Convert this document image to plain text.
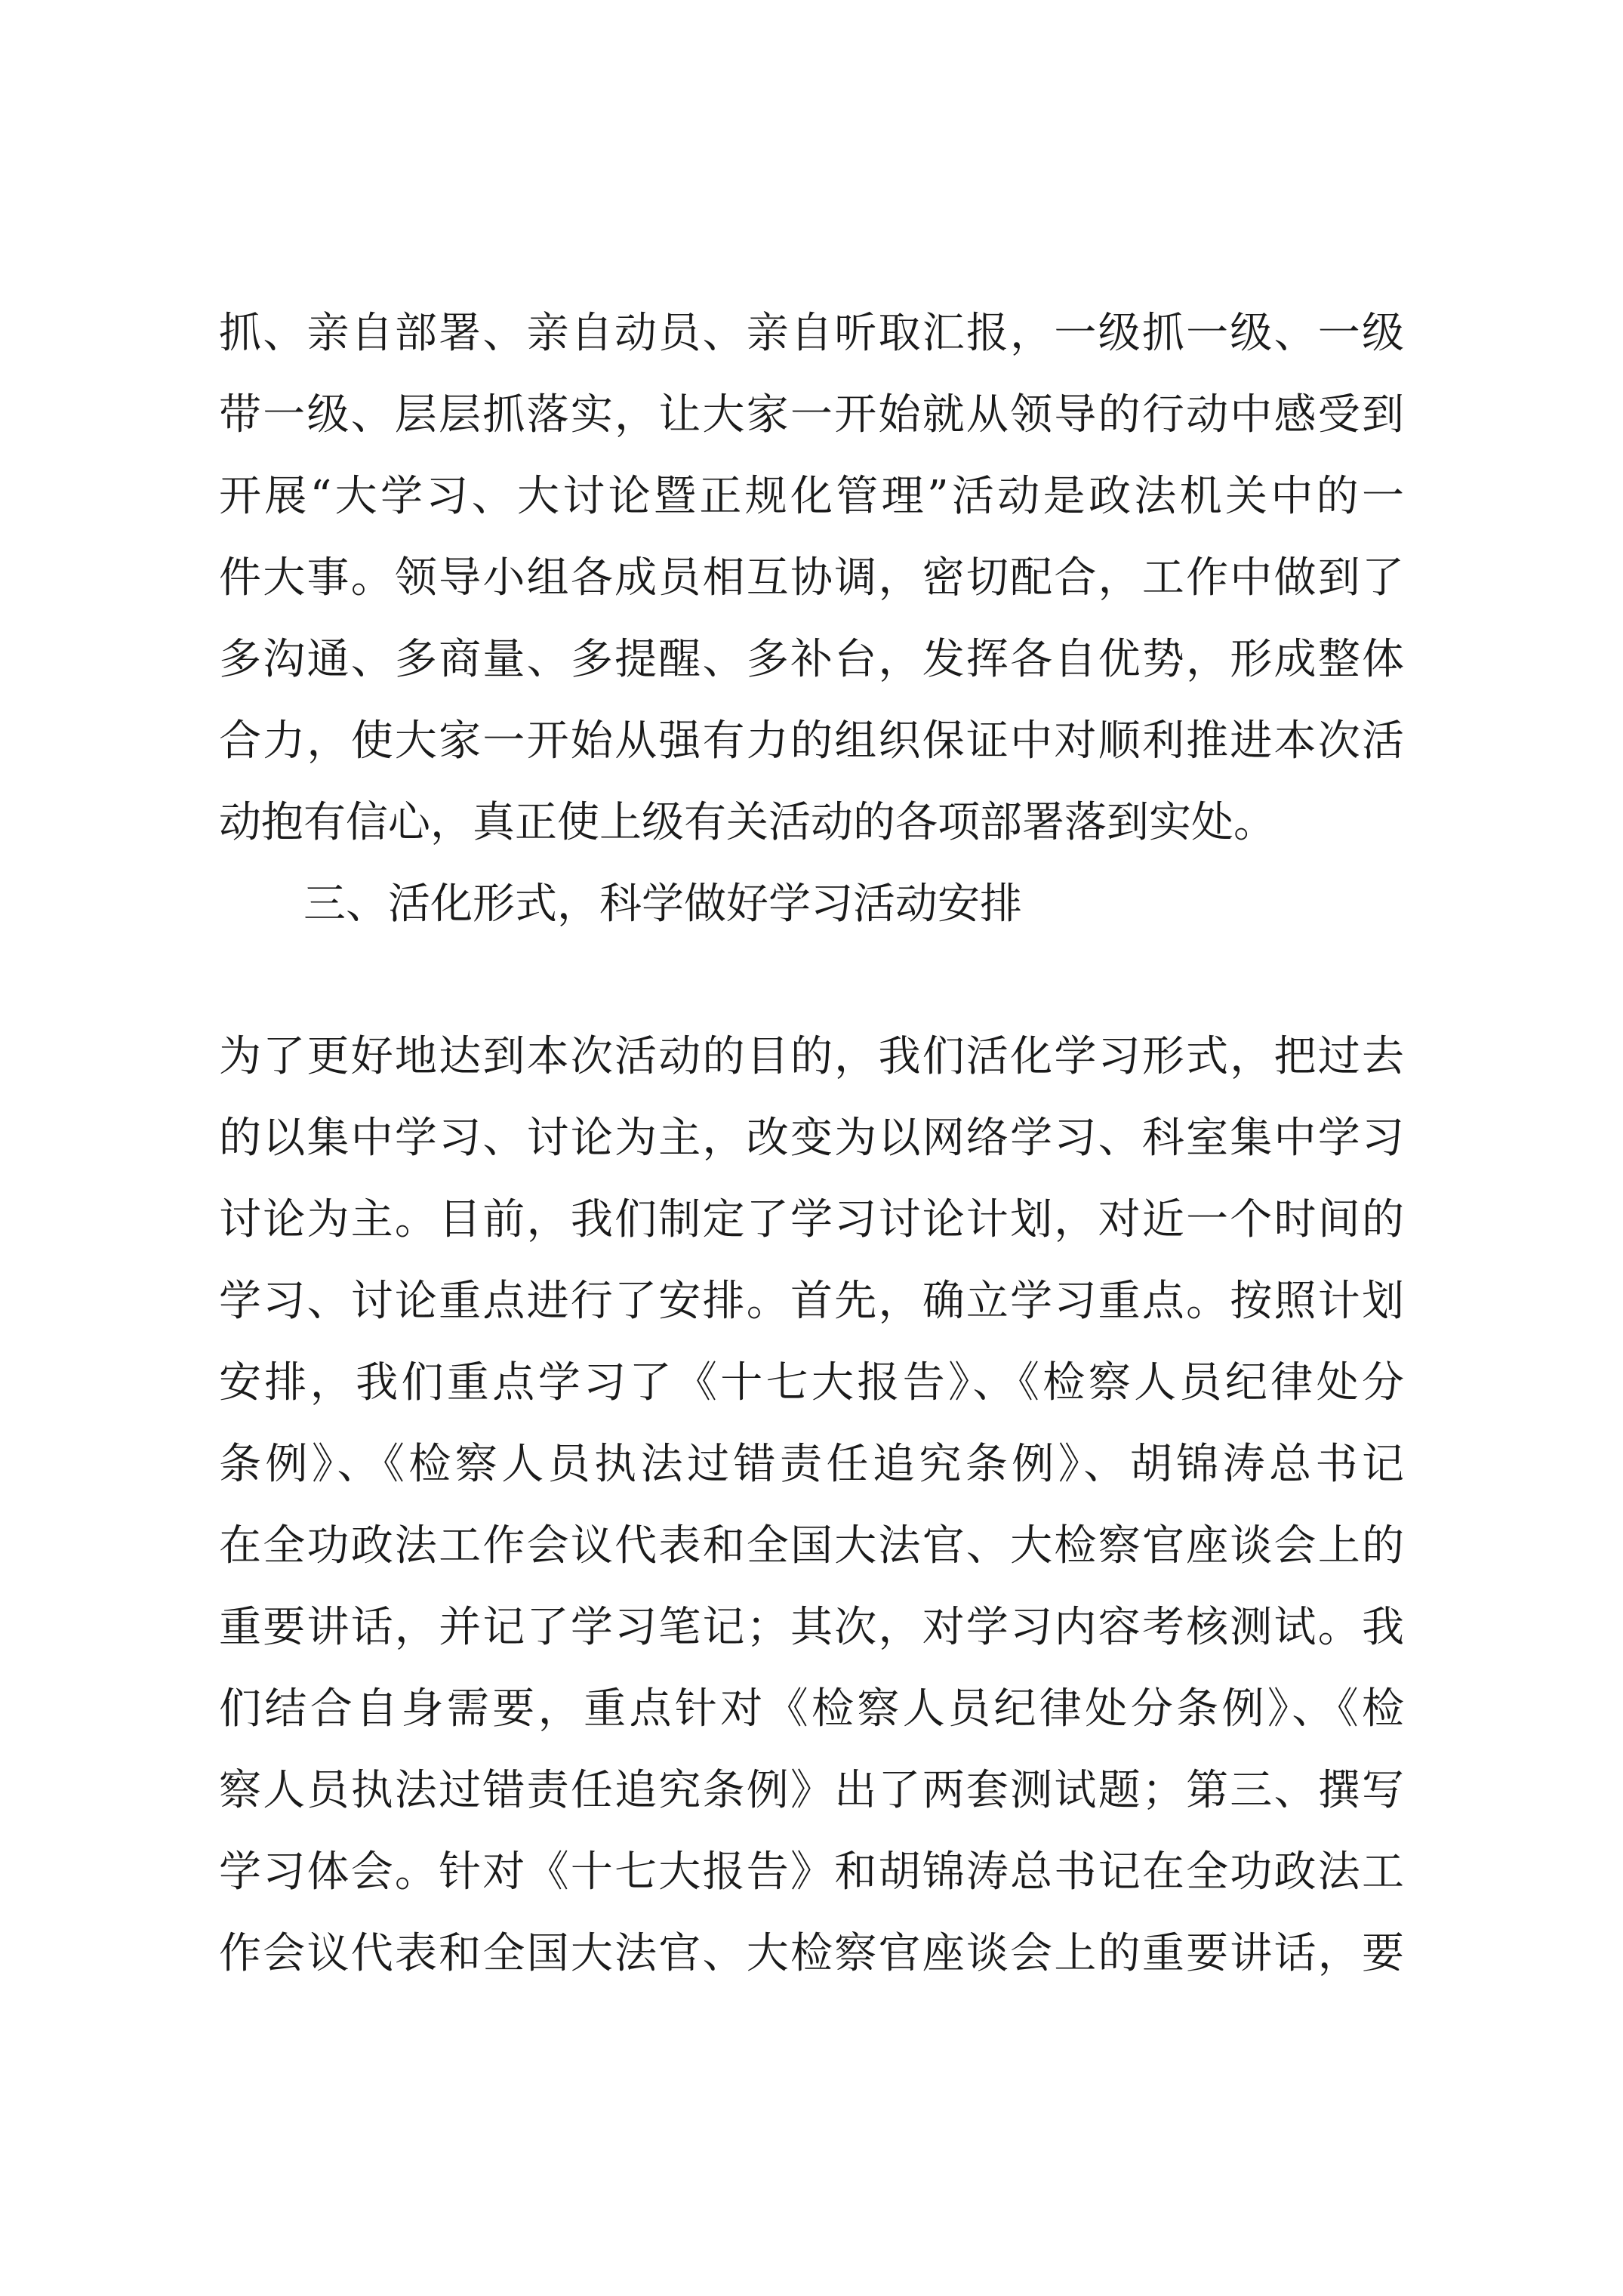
抓、亲自部署、亲自动员、亲自听取汇报，一级抓一级、一级
带一级、层层抓落实，让大家一开始就从领导的行动中感受到
开展“大学习、大讨论暨正规化管理”活动是政法机关中的一
件大事。领导小组各成员相互协调，密切配合，工作中做到了
多沟通、多商量、多提醒、多补台，发挥各自优势，形成整体
合力，使大家一开始从强有力的组织保证中对顺利推进本次活
动抱有信心，真正使上级有关活动的各项部署落到实处。
三、活化形式，科学做好学习活动安排
为了更好地达到本次活动的目的，我们活化学习形式，把过去
的以集中学习、讨论为主，改变为以网络学习、科室集中学习
讨论为主。目前，我们制定了学习讨论计划，对近一个时间的
学习、讨论重点进行了安排。首先，确立学习重点。按照计划
安排，我们重点学习了《十七大报告》、《检察人员纪律处分
条例》、《检察人员执法过错责任追究条例》、胡锦涛总书记
在全功政法工作会议代表和全国大法官、大检察官座谈会上的
重要讲话，并记了学习笔记；其次，对学习内容考核测试。我
们结合自身需要，重点针对《检察人员纪律处分条例》、《检
察人员执法过错责任追究条例》出了两套测试题；第三、撰写
学习体会。针对《十七大报告》和胡锦涛总书记在全功政法工
作会议代表和全国大法官、大检察官座谈会上的重要讲话，要
